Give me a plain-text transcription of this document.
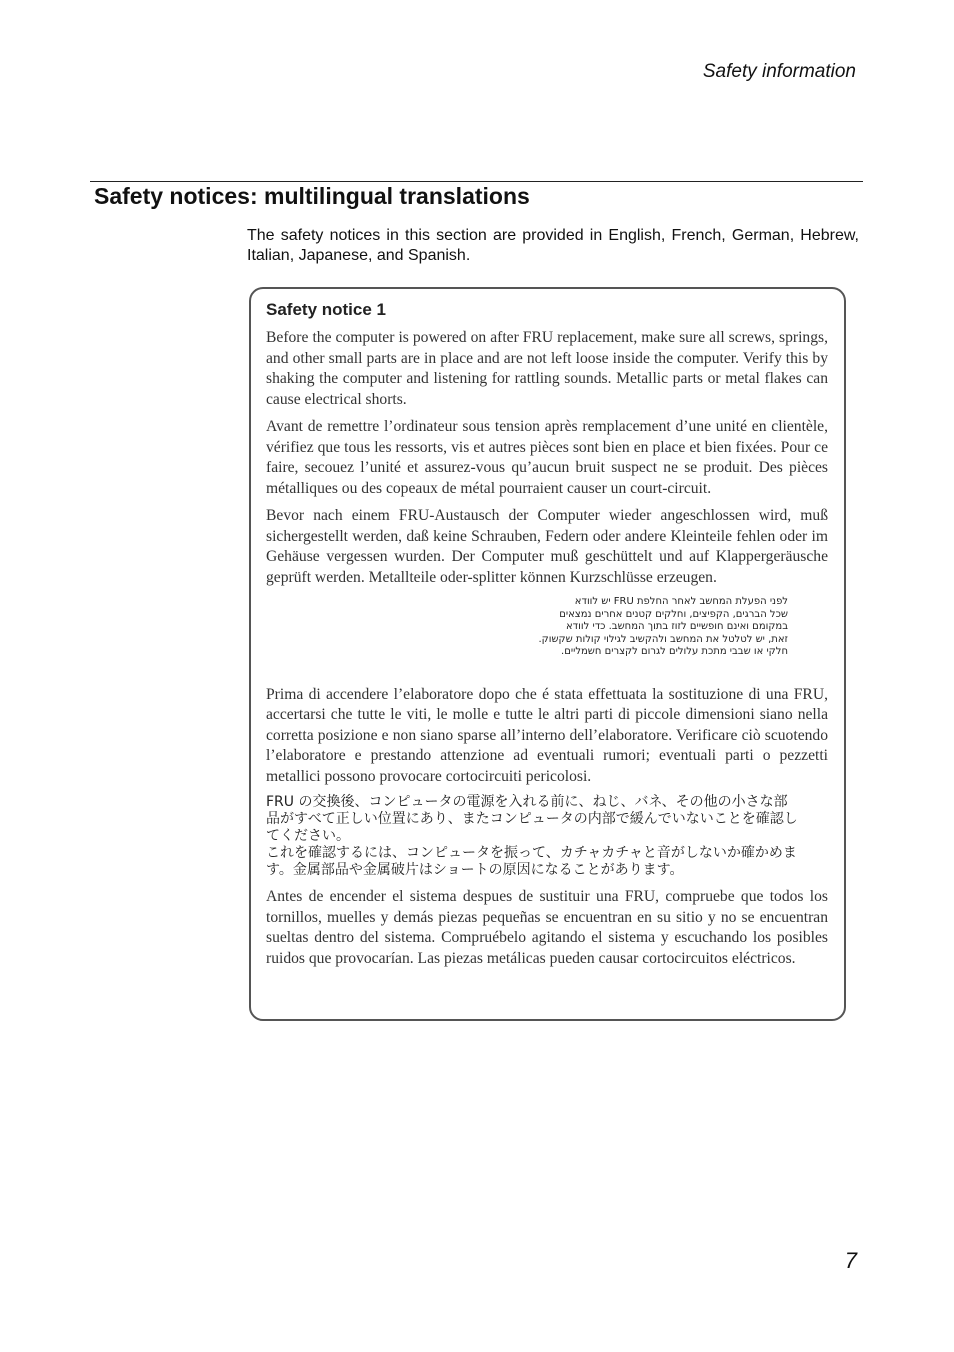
Safety information
Safety notices: multilingual translations

The safety notices in this section are provided in English, French, German, Hebrew, Italian, Japanese, and Spanish.

Safety notice 1

Before the computer is powered on after FRU replacement, make sure all screws, springs, and other small parts are in place and are not left loose inside the computer. Verify this by shaking the computer and listening for rattling sounds. Metallic parts or metal flakes can cause electrical shorts.

Avant de remettre l’ordinateur sous tension après remplacement d’une unité en clientèle, vérifiez que tous les ressorts, vis et autres pièces sont bien en place et bien fixées. Pour ce faire, secouez l’unité et assurez-vous qu’aucun bruit suspect ne se produit. Des pièces métalliques ou des copeaux de métal pourraient causer un court-circuit.

Bevor nach einem FRU-Austausch der Computer wieder angeschlossen wird, muß sichergestellt werden, daß keine Schrauben, Federn oder andere Kleinteile fehlen oder im Gehäuse vergessen wurden. Der Computer muß geschüttelt und auf Klappergeräusche geprüft werden. Metallteile oder-splitter können Kurzschlüsse erzeugen.

לפני הפעלת המחשב לאחר החלפת FRU יש לוודא
שכל הברגים, הקפיצים, וחלקים קטנים אחרים נמצאים
במקומם ואינם חופשיים לזוז בתוך המחשב. כדי לוודא
זאת, יש לטלטל את המחשב ולהקשיב לגילוי קולות שקשוק.
חלקי או שבבי מתכת עלולים לגרום לקצרים חשמליים.

Prima di accendere l’elaboratore dopo che é stata effettuata la sostituzione di una FRU, accertarsi che tutte le viti, le molle e tutte le altri parti di piccole dimensioni siano nella corretta posizione e non siano sparse all’interno dell’elaboratore. Verificare ciò scuotendo l’elaboratore e prestando attenzione ad eventuali rumori; eventuali parti o pezzetti metallici possono provocare cortocircuiti pericolosi.

FRU の交換後、コンピュータの電源を入れる前に、ねじ、バネ、その他の小さな部
品がすべて正しい位置にあり、またコンピュータの内部で緩んでいないことを確認し
てください。
これを確認するには、コンピュータを振って、カチャカチャと音がしないか確かめま
す。金属部品や金属破片はショートの原因になることがあります。

Antes de encender el sistema despues de sustituir una FRU, compruebe que todos los tornillos, muelles y demás piezas pequeñas se encuentran en su sitio y no se encuentran sueltas dentro del sistema. Compruébelo agitando el sistema y escuchando los posibles ruidos que provocarían. Las piezas metálicas pueden causar cortocircuitos eléctricos.

7
